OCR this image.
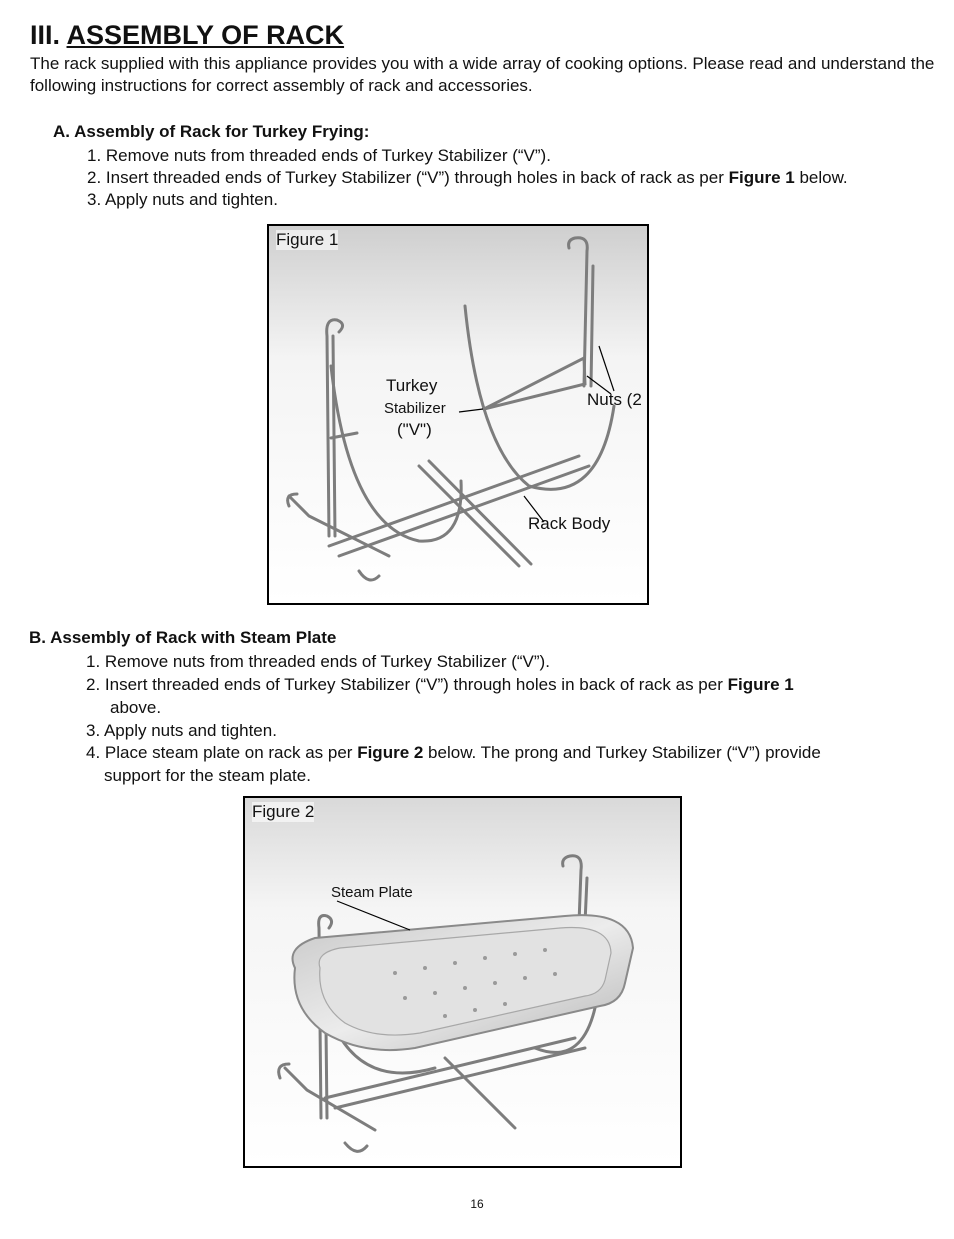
III. ASSEMBLY OF RACK
The rack supplied with this appliance provides you with a wide array of cooking options. Please read and understand the following instructions for correct assembly of rack and accessories.
A. Assembly of Rack for Turkey Frying:
1. Remove nuts from threaded ends of Turkey Stabilizer (“V”).
2. Insert threaded ends of Turkey Stabilizer (“V”) through holes in back of rack as per Figure 1 below.
3. Apply nuts and tighten.
Figure 1
Turkey
Stabilizer
("V")
Nuts (2
Rack Body
B. Assembly of Rack with Steam Plate
1. Remove nuts from threaded ends of Turkey Stabilizer (“V”).
2. Insert threaded ends of Turkey Stabilizer (“V”) through holes in back of rack as per Figure 1
above.
3. Apply nuts and tighten.
4. Place steam plate on rack as per Figure 2 below. The prong and Turkey Stabilizer (“V”) provide
support for the steam plate.
Figure 2
Steam Plate
16
